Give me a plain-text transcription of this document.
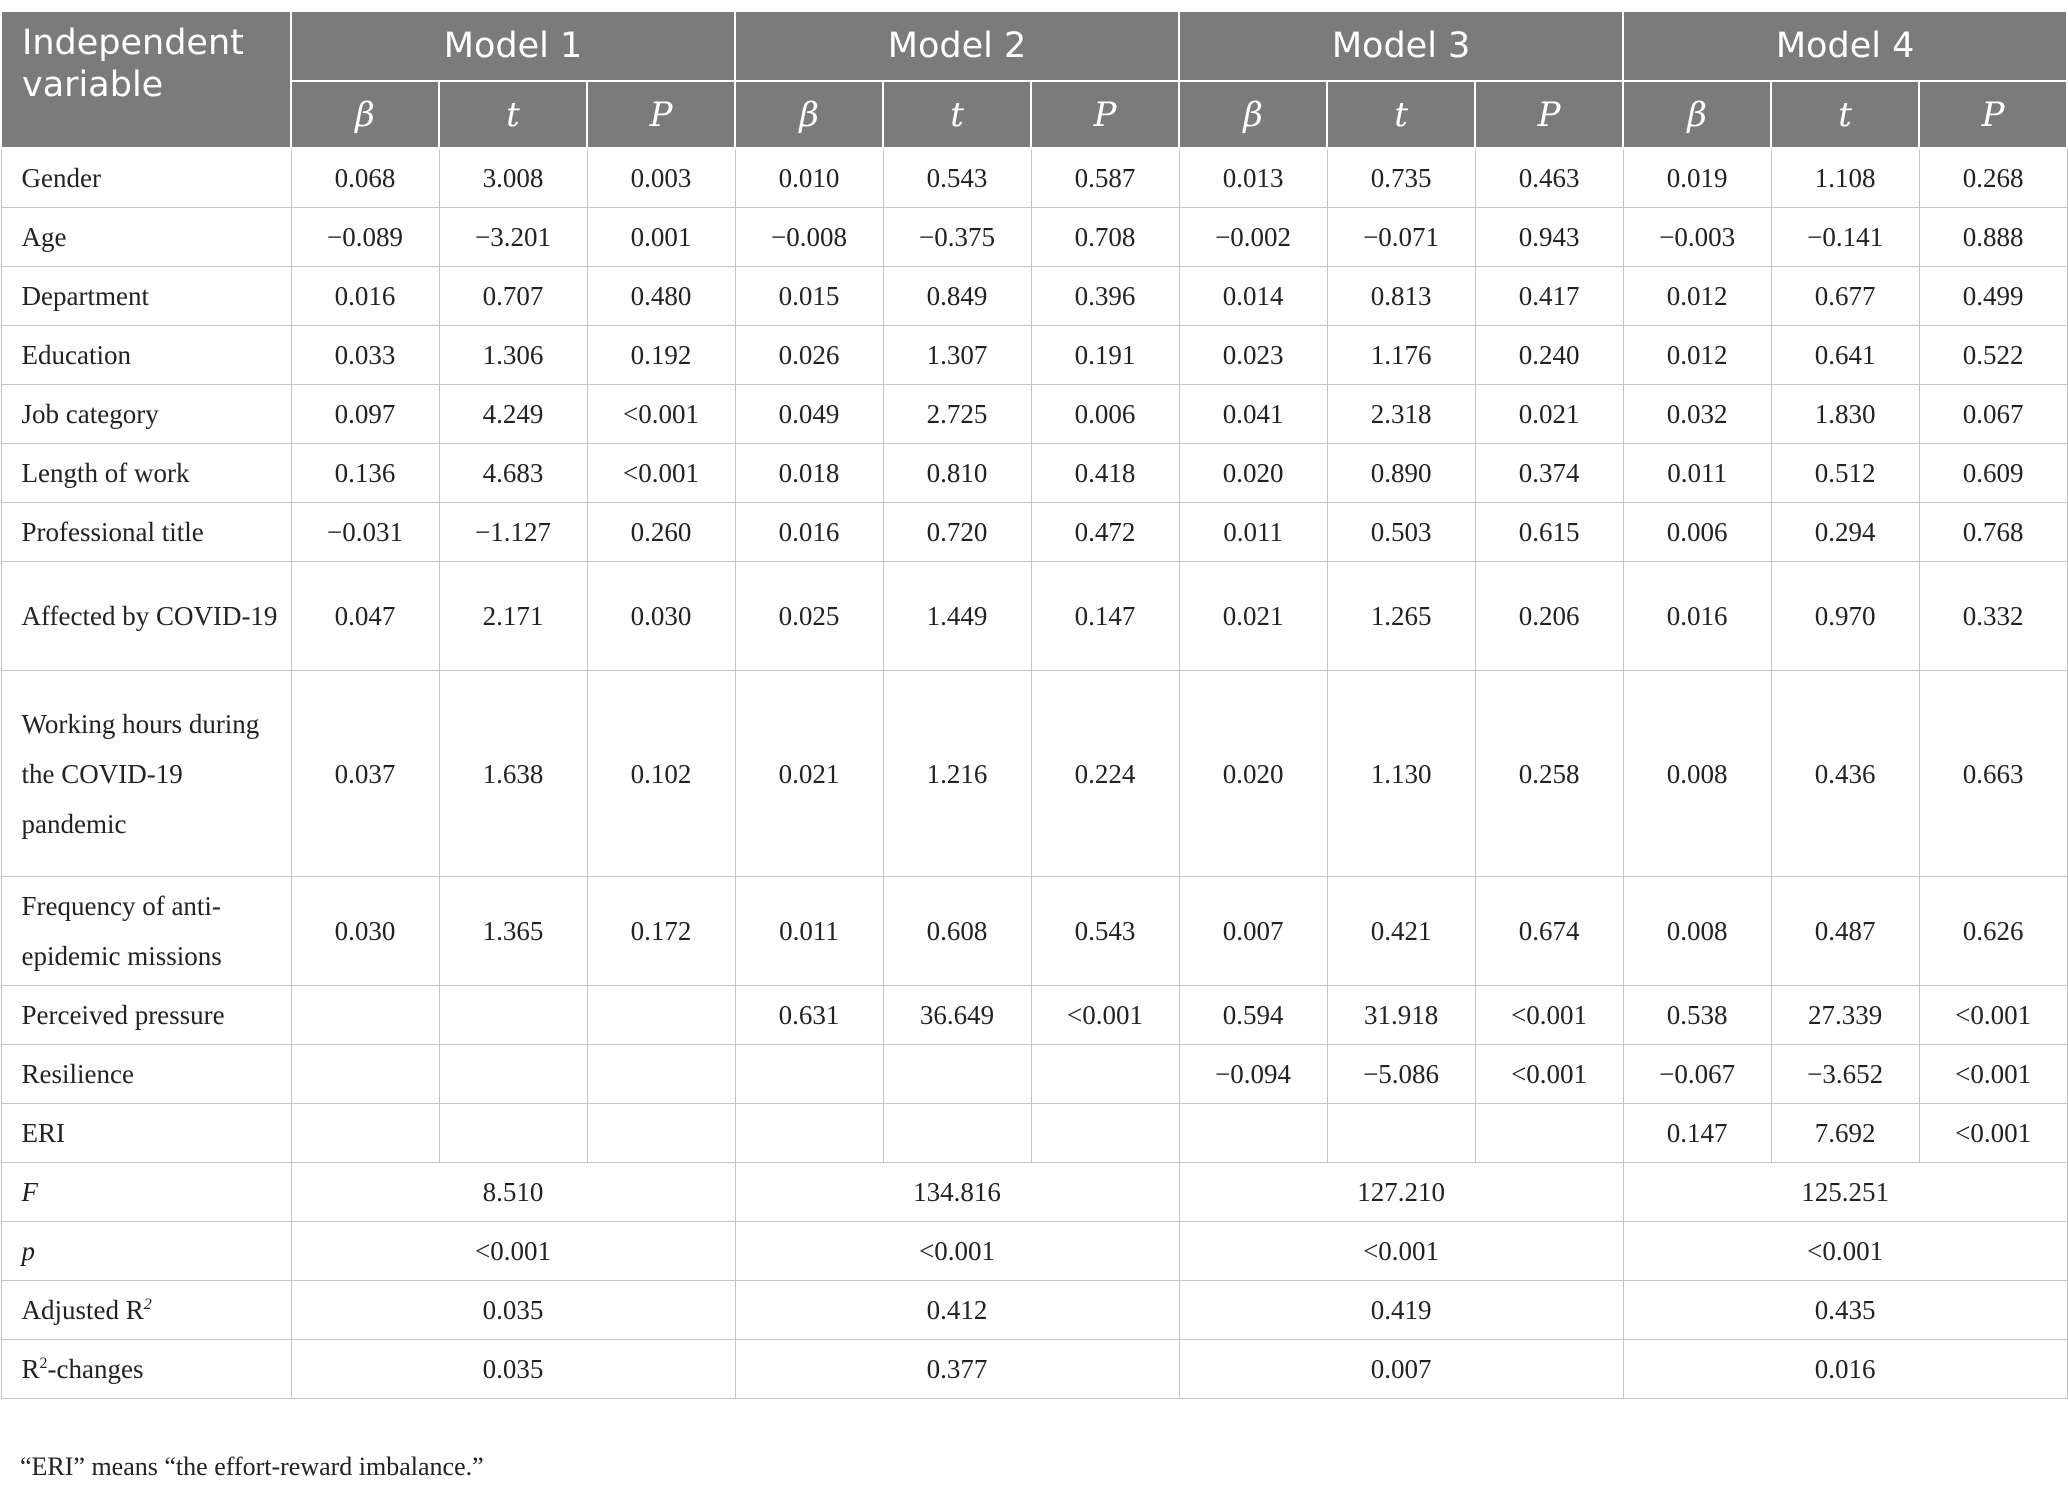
Independent variable	Model 1			Model 2			Model 3			Model 4		
	β	t	P	β	t	P	β	t	P	β	t	P
Gender	0.068	3.008	0.003	0.010	0.543	0.587	0.013	0.735	0.463	0.019	1.108	0.268
Age	−0.089	−3.201	0.001	−0.008	−0.375	0.708	−0.002	−0.071	0.943	−0.003	−0.141	0.888
Department	0.016	0.707	0.480	0.015	0.849	0.396	0.014	0.813	0.417	0.012	0.677	0.499
Education	0.033	1.306	0.192	0.026	1.307	0.191	0.023	1.176	0.240	0.012	0.641	0.522
Job category	0.097	4.249	<0.001	0.049	2.725	0.006	0.041	2.318	0.021	0.032	1.830	0.067
Length of work	0.136	4.683	<0.001	0.018	0.810	0.418	0.020	0.890	0.374	0.011	0.512	0.609
Professional title	−0.031	−1.127	0.260	0.016	0.720	0.472	0.011	0.503	0.615	0.006	0.294	0.768
Affected by COVID-19	0.047	2.171	0.030	0.025	1.449	0.147	0.021	1.265	0.206	0.016	0.970	0.332
Working hours during the COVID-19 pandemic	0.037	1.638	0.102	0.021	1.216	0.224	0.020	1.130	0.258	0.008	0.436	0.663
Frequency of anti-epidemic missions	0.030	1.365	0.172	0.011	0.608	0.543	0.007	0.421	0.674	0.008	0.487	0.626
Perceived pressure				0.631	36.649	<0.001	0.594	31.918	<0.001	0.538	27.339	<0.001
Resilience							−0.094	−5.086	<0.001	−0.067	−3.652	<0.001
ERI										0.147	7.692	<0.001
F	8.510			134.816			127.210			125.251		
p	<0.001			<0.001			<0.001			<0.001		
Adjusted $R^2$	0.035			0.412			0.419			0.435		
$R^2$-changes	0.035			0.377			0.007			0.016		
“ERI” means “the effort-reward imbalance.”
